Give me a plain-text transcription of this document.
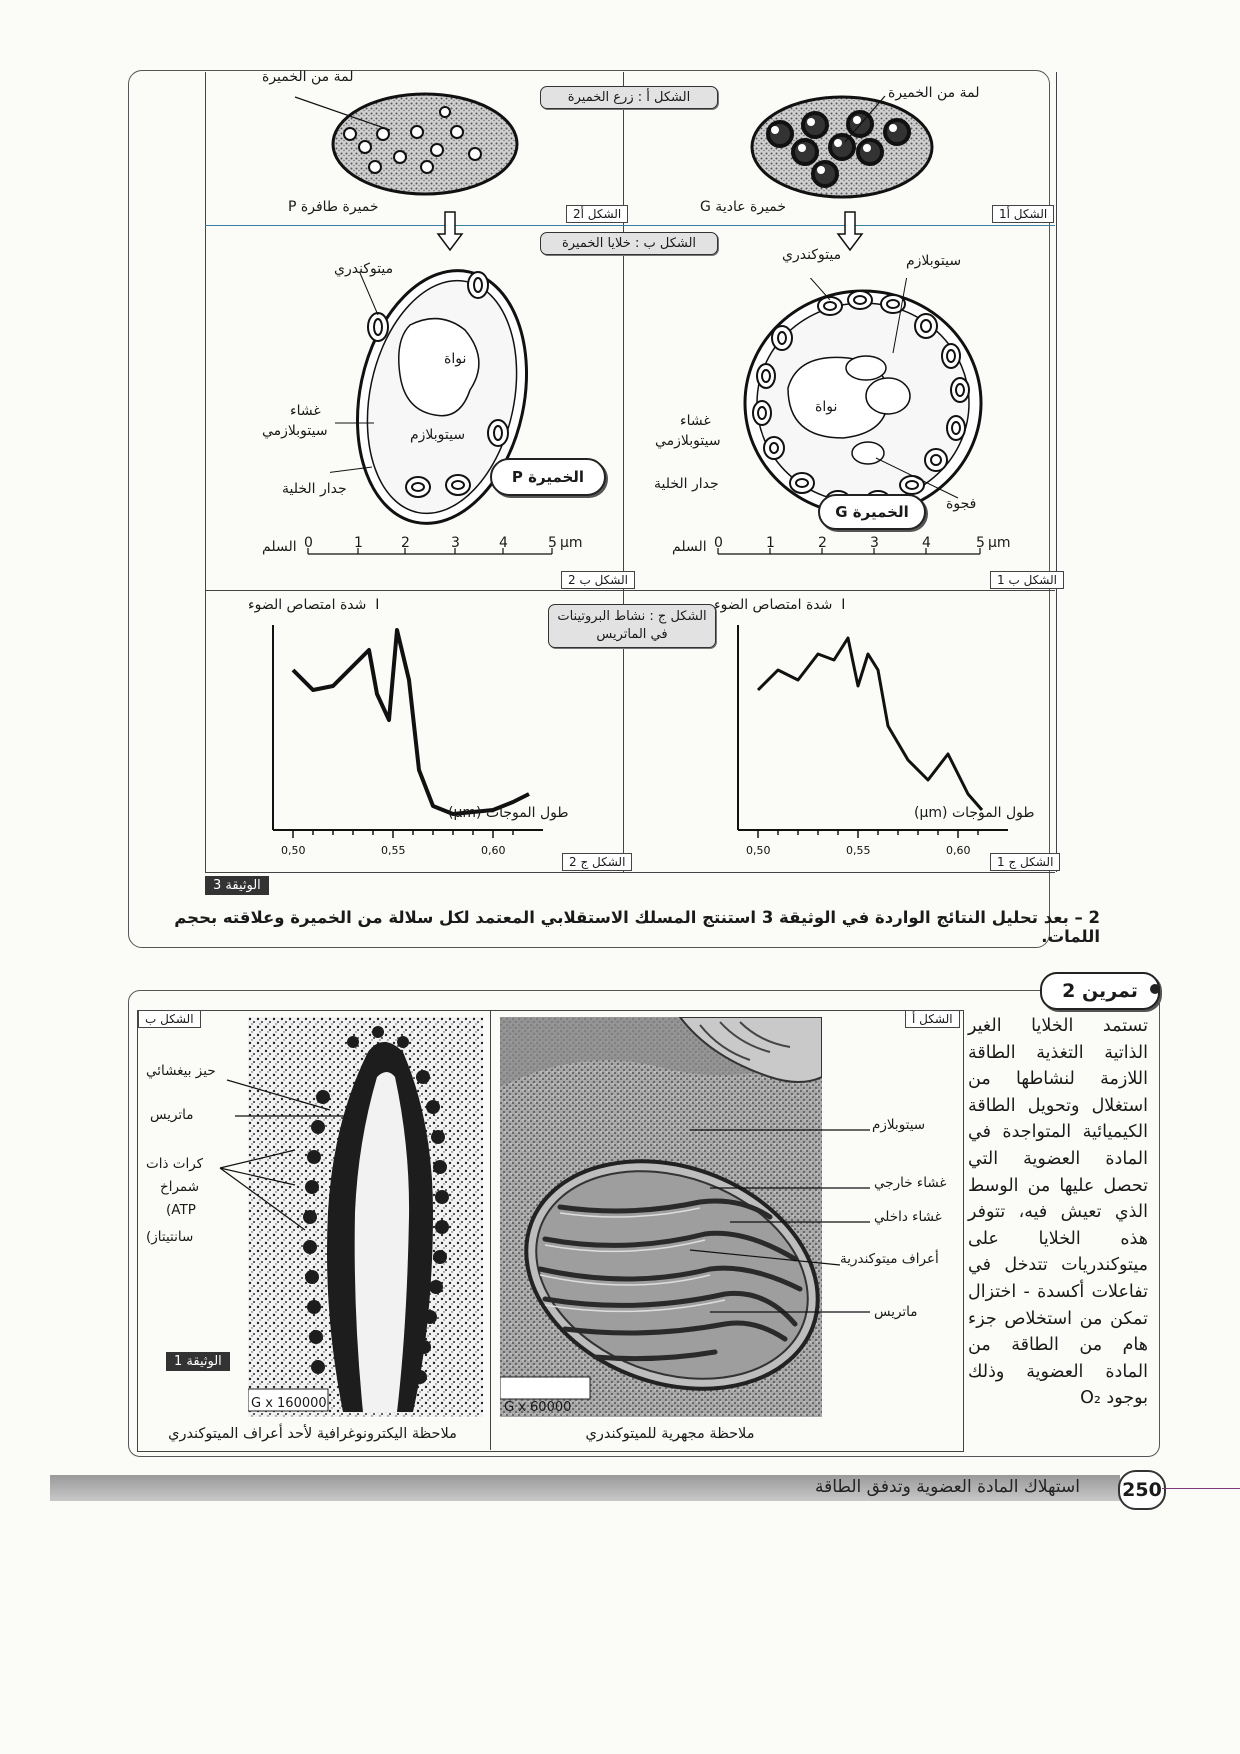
الشكل أ : زرع الخميرة
الشكل ب : خلايا الخميرة
الشكل ج : نشاط البروتينات
في الماتريس
الشكل أ2	الشكل أ1
الشكل ب 2	الشكل ب 1
الشكل ج 2	الشكل ج 1
لمة من الخميرة
لمة من الخميرة
خميرة طافرة P	خميرة عادية G
ميتوكندري
نواة
غشاء
سيتوبلازمي	سيتوبلازم
جدار الخلية
الخميرة P
ميتوكندري	سيتوبلازم
نواة
غشاء
سيتوبلازمي
جدار الخلية
فجوة
الخميرة G
السلم 0	1	2	3	4	5 µm	السلم 0	1	2	3	4	5 µm
0,50	0,55	0,60	0,50	0,55	0,60
I  شدة امتصاص الضوء	I  شدة امتصاص الضوء
طول الموجات (µm)	طول الموجات (µm)
الوثيقة 3
2 – بعد تحليل النتائج الواردة في الوثيقة 3 استنتج المسلك الاستقلابي المعتمد لكل سلالة من الخميرة وعلاقته بحجم اللمات.
تمرين 2
تستمد الخلايا الغير الذاتية التغذية الطاقة اللازمة لنشاطها من استغلال وتحويل الطاقة الكيميائية المتواجدة في المادة العضوية التي تحصل عليها من الوسط الذي تعيش فيه، تتوفر هذه الخلايا على ميتوكندريات تتدخل في تفاعلات أكسدة - اختزال تمكن من استخلاص جزء هام من الطاقة من المادة العضوية وذلك بوجود O₂
الشكل أ
الشكل ب
G x 60000
سيتوبلازم
غشاء خارجي
غشاء داخلي
أعراف ميتوكندرية
ماتريس
ملاحظة مجهرية للميتوكندري
G x 160000
حيز بيغشائي
ماتريس
كرات ذات
شمراخ
ATP)
سانتيتاز)
الوثيقة 1
ملاحظة اليكترونوغرافية لأحد أعراف الميتوكندري
استهلاك المادة العضوية وتدفق الطاقة 250
